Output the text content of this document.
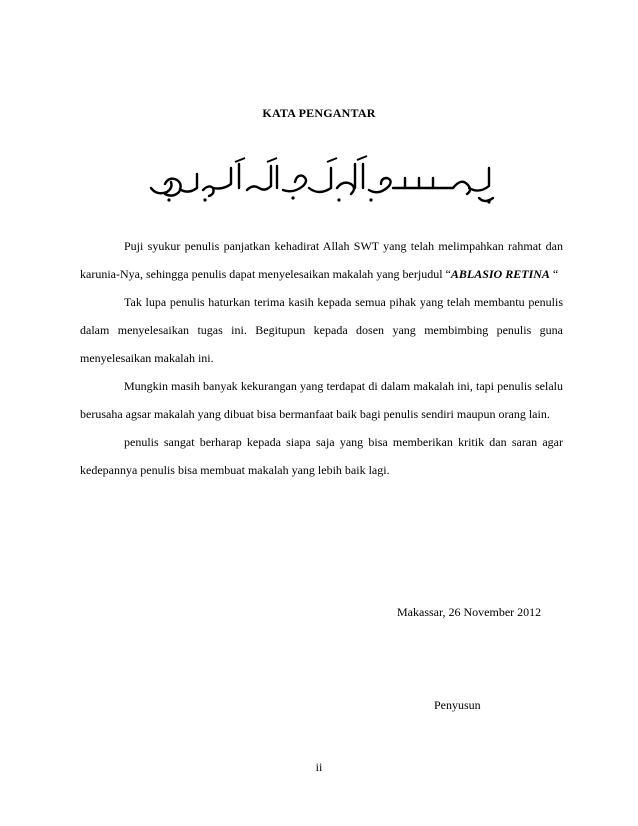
KATA PENGANTAR

Puji syukur penulis panjatkan kehadirat Allah SWT yang telah melimpahkan rahmat dan karunia-Nya, sehingga penulis dapat menyelesaikan makalah yang berjudul “ABLASIO RETINA “

Tak lupa penulis haturkan terima kasih kepada semua pihak yang telah membantu penulis dalam menyelesaikan tugas ini. Begitupun kepada dosen yang membimbing penulis guna menyelesaikan makalah ini.

Mungkin masih banyak kekurangan yang terdapat di dalam makalah ini, tapi penulis selalu berusaha agsar makalah yang dibuat bisa bermanfaat baik bagi penulis sendiri maupun orang lain.

penulis sangat berharap kepada siapa saja yang bisa memberikan kritik dan saran agar kedepannya penulis bisa membuat makalah yang lebih baik lagi.

Makassar, 26 November 2012
Penyusun
ii
